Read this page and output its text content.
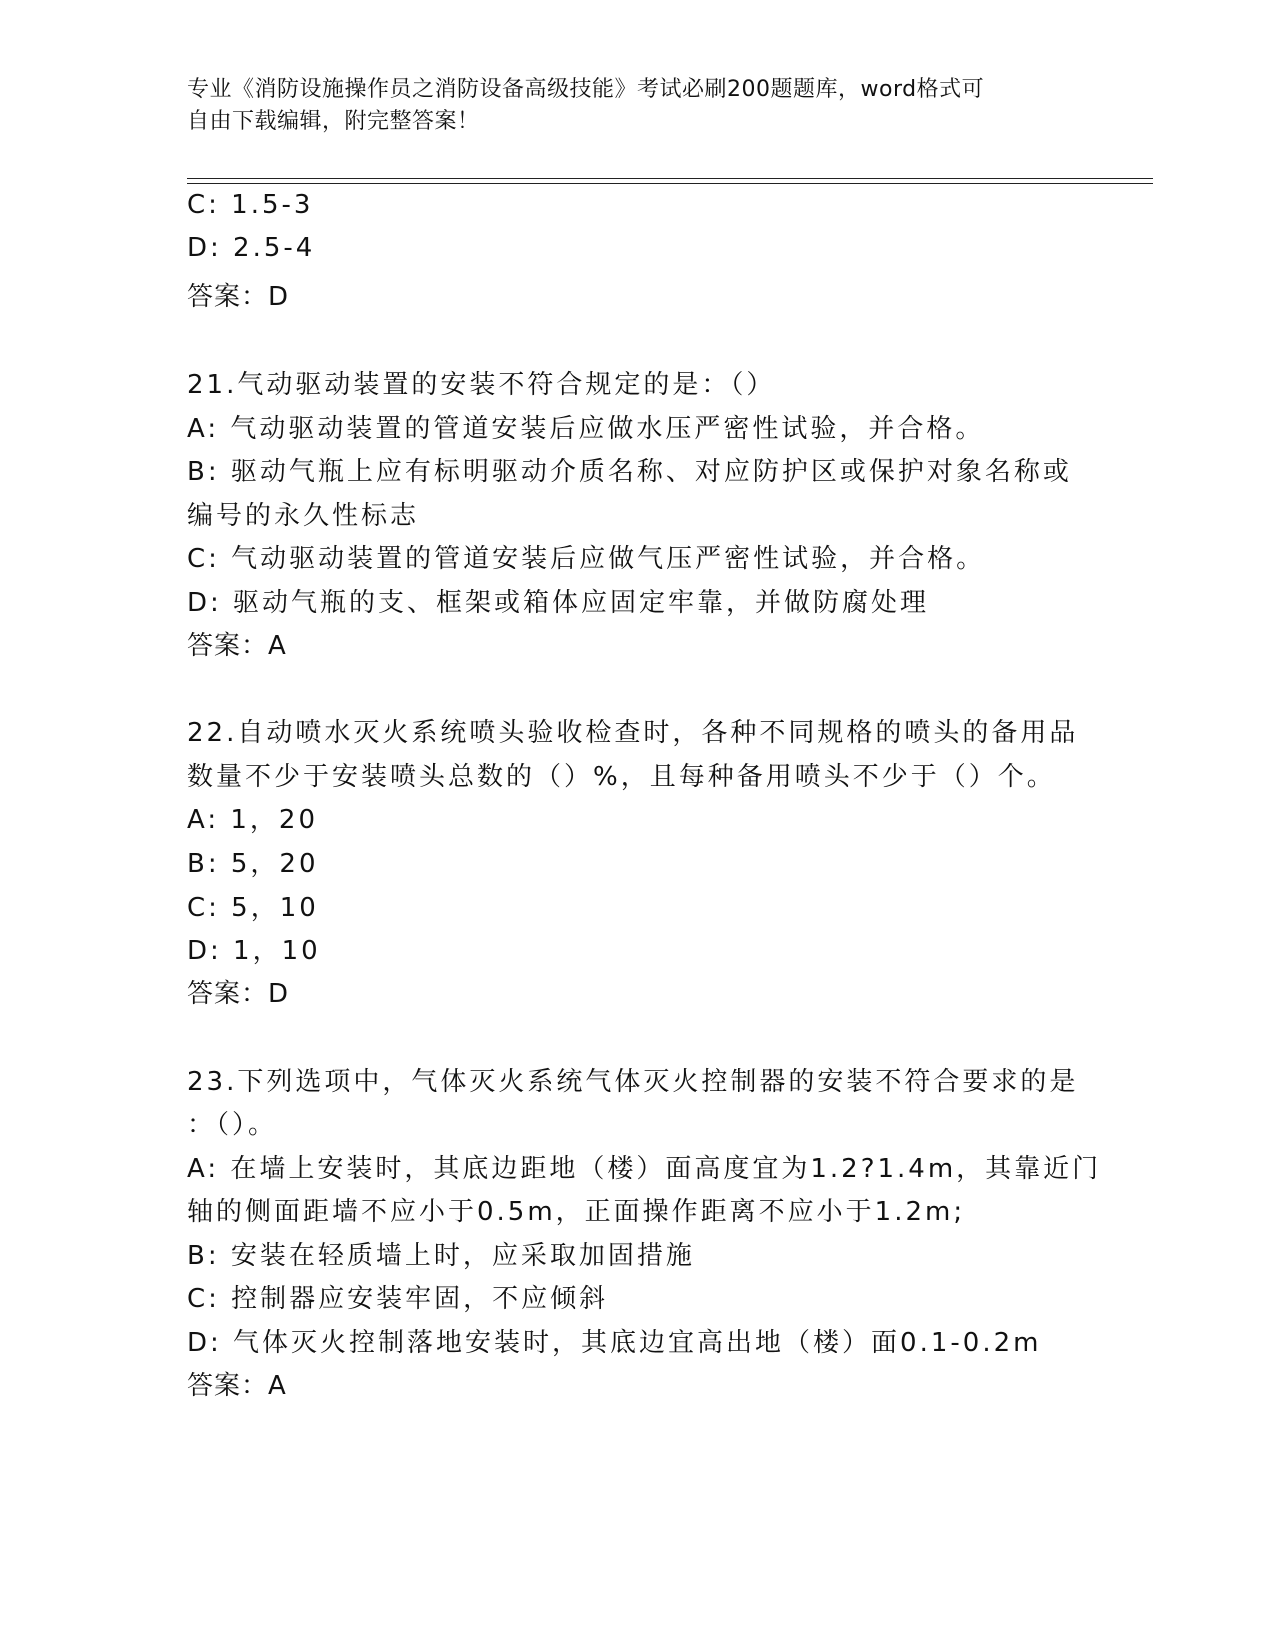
专业《消防设施操作员之消防设备高级技能》考试必刷200题题库，word格式可
自由下载编辑，附完整答案！
C: 1.5-3
D: 2.5-4
答案：D
21.气动驱动装置的安装不符合规定的是：（）
A: 气动驱动装置的管道安装后应做水压严密性试验，并合格。
B: 驱动气瓶上应有标明驱动介质名称、对应防护区或保护对象名称或
编号的永久性标志
C: 气动驱动装置的管道安装后应做气压严密性试验，并合格。
D: 驱动气瓶的支、框架或箱体应固定牢靠，并做防腐处理
答案：A
22.自动喷水灭火系统喷头验收检查时，各种不同规格的喷头的备用品
数量不少于安装喷头总数的（）%，且每种备用喷头不少于（）个。
A: 1，20
B: 5，20
C: 5，10
D: 1，10
答案：D
23.下列选项中，气体灭火系统气体灭火控制器的安装不符合要求的是
：（）。
A: 在墙上安装时，其底边距地（楼）面高度宜为1.2?1.4m，其靠近门
轴的侧面距墙不应小于0.5m，正面操作距离不应小于1.2m;
B: 安装在轻质墙上时，应采取加固措施
C: 控制器应安装牢固，不应倾斜
D: 气体灭火控制落地安装时，其底边宜高出地（楼）面0.1-0.2m
答案：A
